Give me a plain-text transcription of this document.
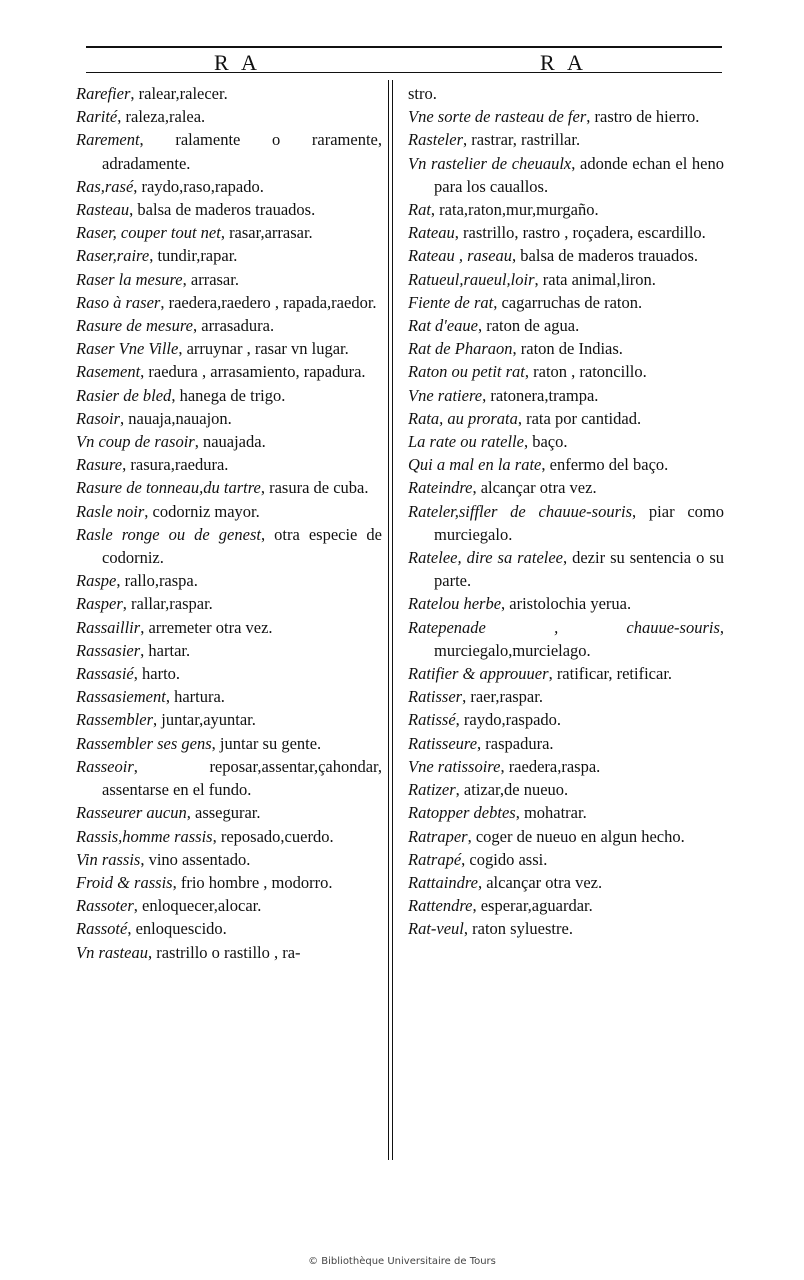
R A	R A

Rarefier, ralear,ralecer.

Rarité, raleza,ralea.

Rarement, ralamente o raramente, adradamente.

Ras,rasé, raydo,raso,rapado.

Rasteau, balsa de maderos trauados.

Raser, couper tout net, rasar,arrasar.

Raser,raire, tundir,rapar.

Raser la mesure, arrasar.

Raso à raser, raedera,raedero , rapada,raedor.

Rasure de mesure, arrasadura.

Raser Vne Ville, arruynar , rasar vn lugar.

Rasement, raedura , arrasamiento, rapadura.

Rasier de bled, hanega de trigo.

Rasoir, nauaja,nauajon.

Vn coup de rasoir, nauajada.

Rasure, rasura,raedura.

Rasure de tonneau,du tartre, rasura de cuba.

Rasle noir, codorniz mayor.

Rasle ronge ou de genest, otra especie de codorniz.

Raspe, rallo,raspa.

Rasper, rallar,raspar.

Rassaillir, arremeter otra vez.

Rassasier, hartar.

Rassasié, harto.

Rassasiement, hartura.

Rassembler, juntar,ayuntar.

Rassembler ses gens, juntar su gente.

Rasseoir, reposar,assentar,çahondar, assentarse en el fundo.

Rasseurer aucun, assegurar.

Rassis,homme rassis, reposado,cuerdo.

Vin rassis, vino assentado.

Froid & rassis, frio hombre , modorro.

Rassoter, enloquecer,alocar.

Rassoté, enloquescido.

Vn rasteau, rastrillo o rastillo , ra-

stro.

Vne sorte de rasteau de fer, rastro de hierro.

Rasteler, rastrar, rastrillar.

Vn rastelier de cheuaulx, adonde echan el heno para los cauallos.

Rat, rata,raton,mur,murgaño.

Rateau, rastrillo, rastro , roçadera, escardillo.

Rateau , raseau, balsa de maderos trauados.

Ratueul,raueul,loir, rata animal,liron.

Fiente de rat, cagarruchas de raton.

Rat d'eaue, raton de agua.

Rat de Pharaon, raton de Indias.

Raton ou petit rat, raton , ratoncillo.

Vne ratiere, ratonera,trampa.

Rata, au prorata, rata por cantidad.

La rate ou ratelle, baço.

Qui a mal en la rate, enfermo del baço.

Rateindre, alcançar otra vez.

Rateler,siffler de chauue-souris, piar como murciegalo.

Ratelee, dire sa ratelee, dezir su sentencia o su parte.

Ratelou herbe, aristolochia yerua.

Ratepenade , chauue-souris, murciegalo,murcielago.

Ratifier & approuuer, ratificar, retificar.

Ratisser, raer,raspar.

Ratissé, raydo,raspado.

Ratisseure, raspadura.

Vne ratissoire, raedera,raspa.

Ratizer, atizar,de nueuo.

Ratopper debtes, mohatrar.

Ratraper, coger de nueuo en algun hecho.

Ratrapé, cogido assi.

Rattaindre, alcançar otra vez.

Rattendre, esperar,aguardar.

Rat-veul, raton syluestre.

© Bibliothèque Universitaire de Tours
